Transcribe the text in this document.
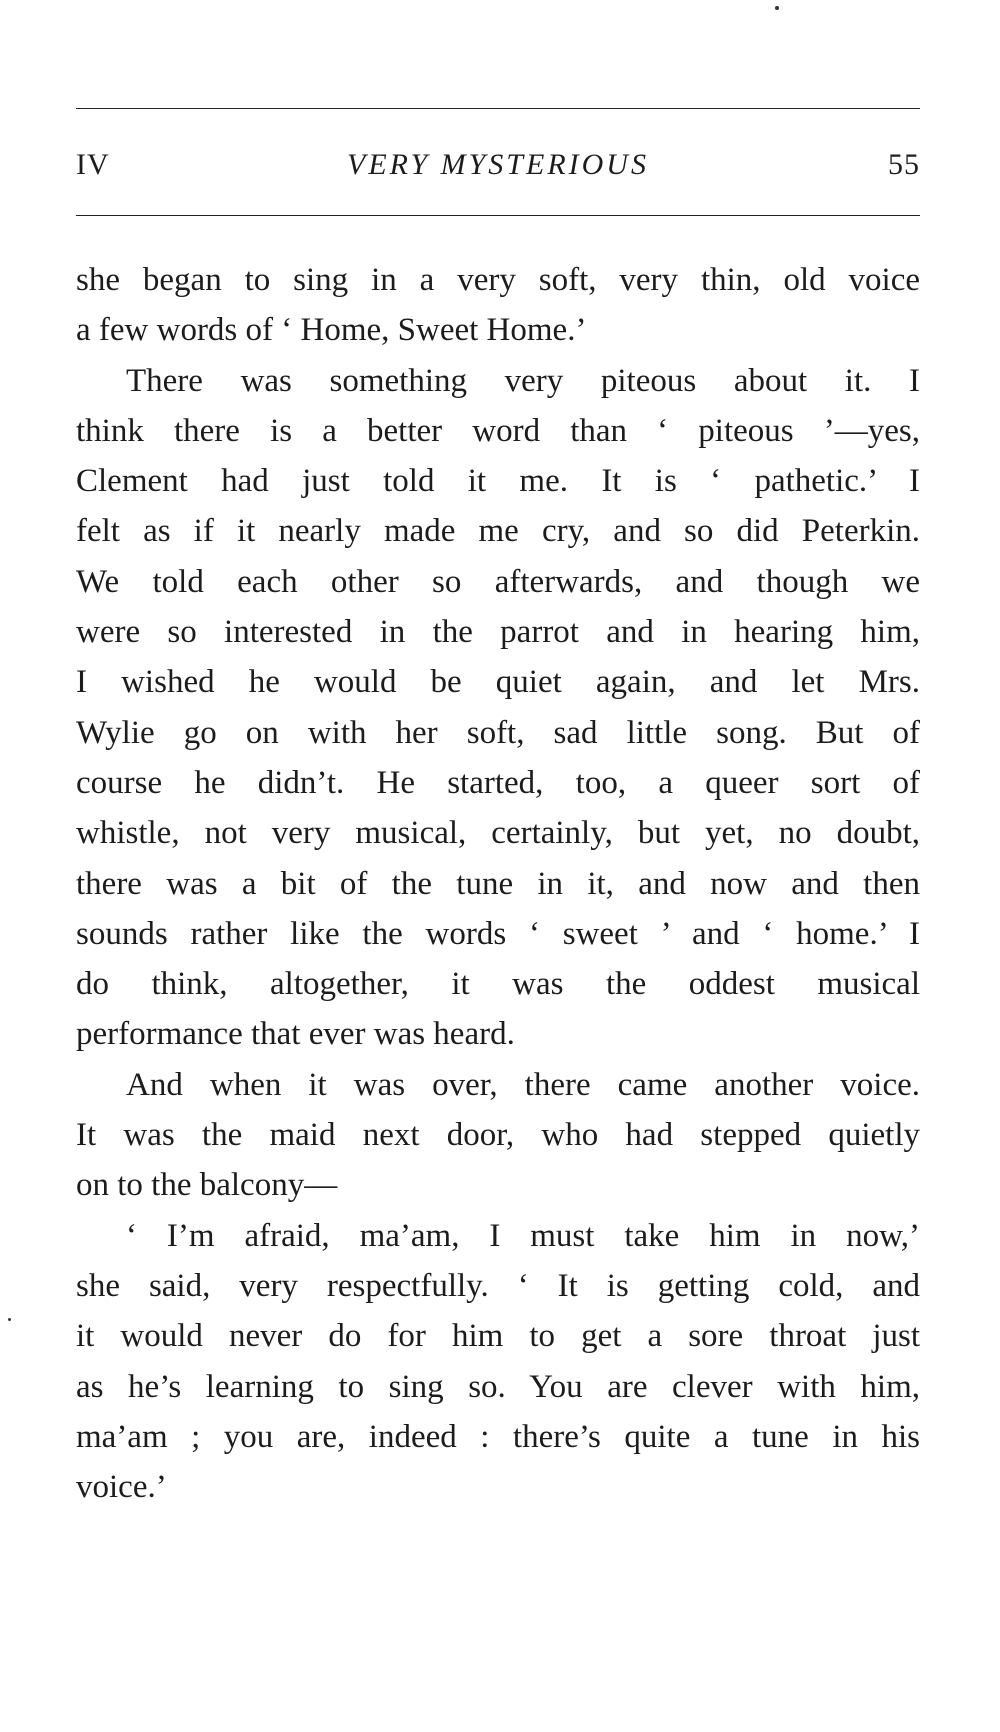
IV	VERY MYSTERIOUS	55
she began to sing in a very soft, very thin, old voice
a few words of ‘ Home, Sweet Home.’
There was something very piteous about it. I
think there is a better word than ‘ piteous ’—yes,
Clement had just told it me. It is ‘ pathetic.’ I
felt as if it nearly made me cry, and so did Peterkin.
We told each other so afterwards, and though we
were so interested in the parrot and in hearing him,
I wished he would be quiet again, and let Mrs.
Wylie go on with her soft, sad little song. But of
course he didn’t. He started, too, a queer sort of
whistle, not very musical, certainly, but yet, no doubt,
there was a bit of the tune in it, and now and then
sounds rather like the words ‘ sweet ’ and ‘ home.’ I
do think, altogether, it was the oddest musical
performance that ever was heard.
And when it was over, there came another voice.
It was the maid next door, who had stepped quietly
on to the balcony—
‘ I’m afraid, ma’am, I must take him in now,’
she said, very respectfully. ‘ It is getting cold, and
it would never do for him to get a sore throat just
as he’s learning to sing so. You are clever with him,
ma’am ; you are, indeed : there’s quite a tune in his
voice.’
